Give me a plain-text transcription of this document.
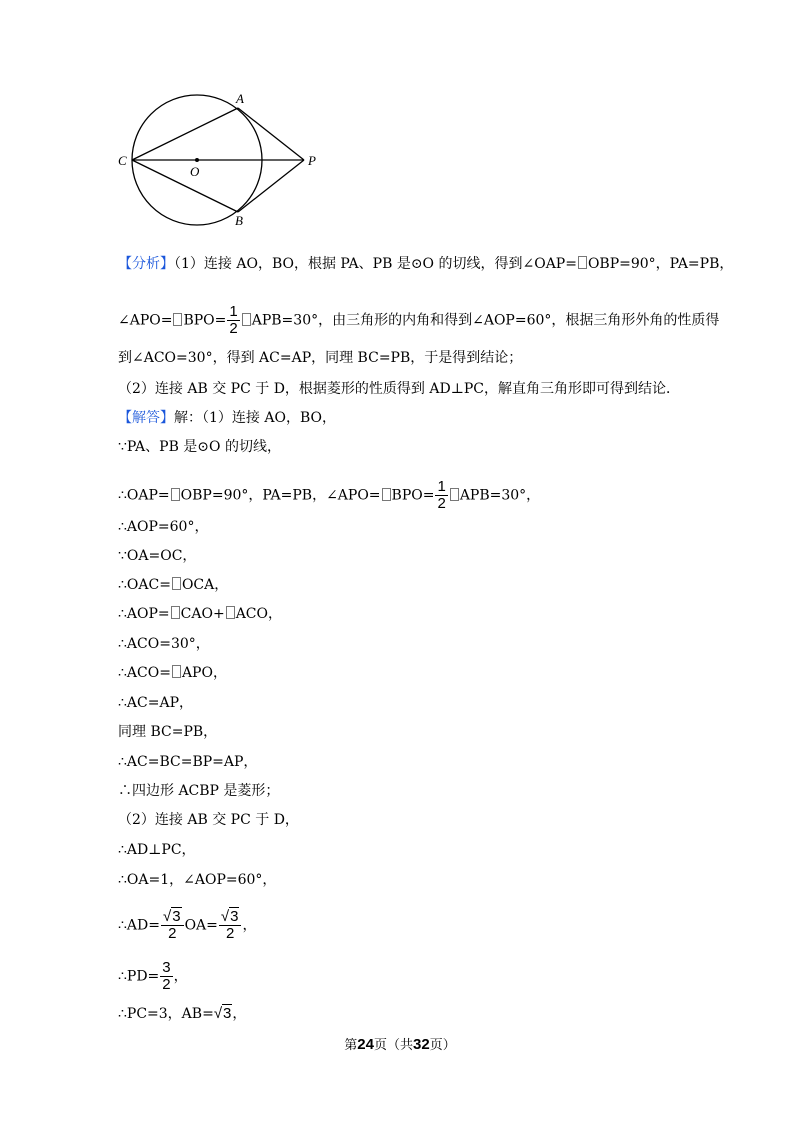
A
B
C
O
P
【分析】（1）连接 AO，BO，根据 PA、PB 是⊙O 的切线，得到∠OAP= OBP=90°，PA=PB，
∠APO= $BPO= \frac{1}{2} APB=30^\circ$，由三角形的内角和得到∠AOP=60°，根据三角形外角的性质得
到∠ACO=30°，得到 AC=AP，同理 BC=PB，于是得到结论；
（2）连接 AB 交 PC 于 D，根据菱形的性质得到 AD⊥PC，解直角三角形即可得到结论．
【解答】解：（1）连接 AO，BO，
∵PA、PB 是⊙O 的切线，
∴OAP= OBP=90°，PA=PB，∠APO= $BPO= \frac{1}{2} APB=30^\circ$，
∴AOP=60°，
∵OA=OC，
∴OAC= OCA，
∴AOP= CAO+ ACO，
∴ACO=30°，
∴ACO= APO，
∴AC=AP，
同理 BC=PB，
∴AC=BC=BP=AP，
∴四边形 ACBP 是菱形；
（2）连接 AB 交 PC 于 D，
∴AD⊥PC，
∴OA=1，∠AOP=60°，
∴AD= $\frac{√3}{2} OA= \frac{√3}{2}$ ，
∴PD= $\frac{3}{2}$ ，
∴PC=3，AB=√3，
第24页（共32页）
